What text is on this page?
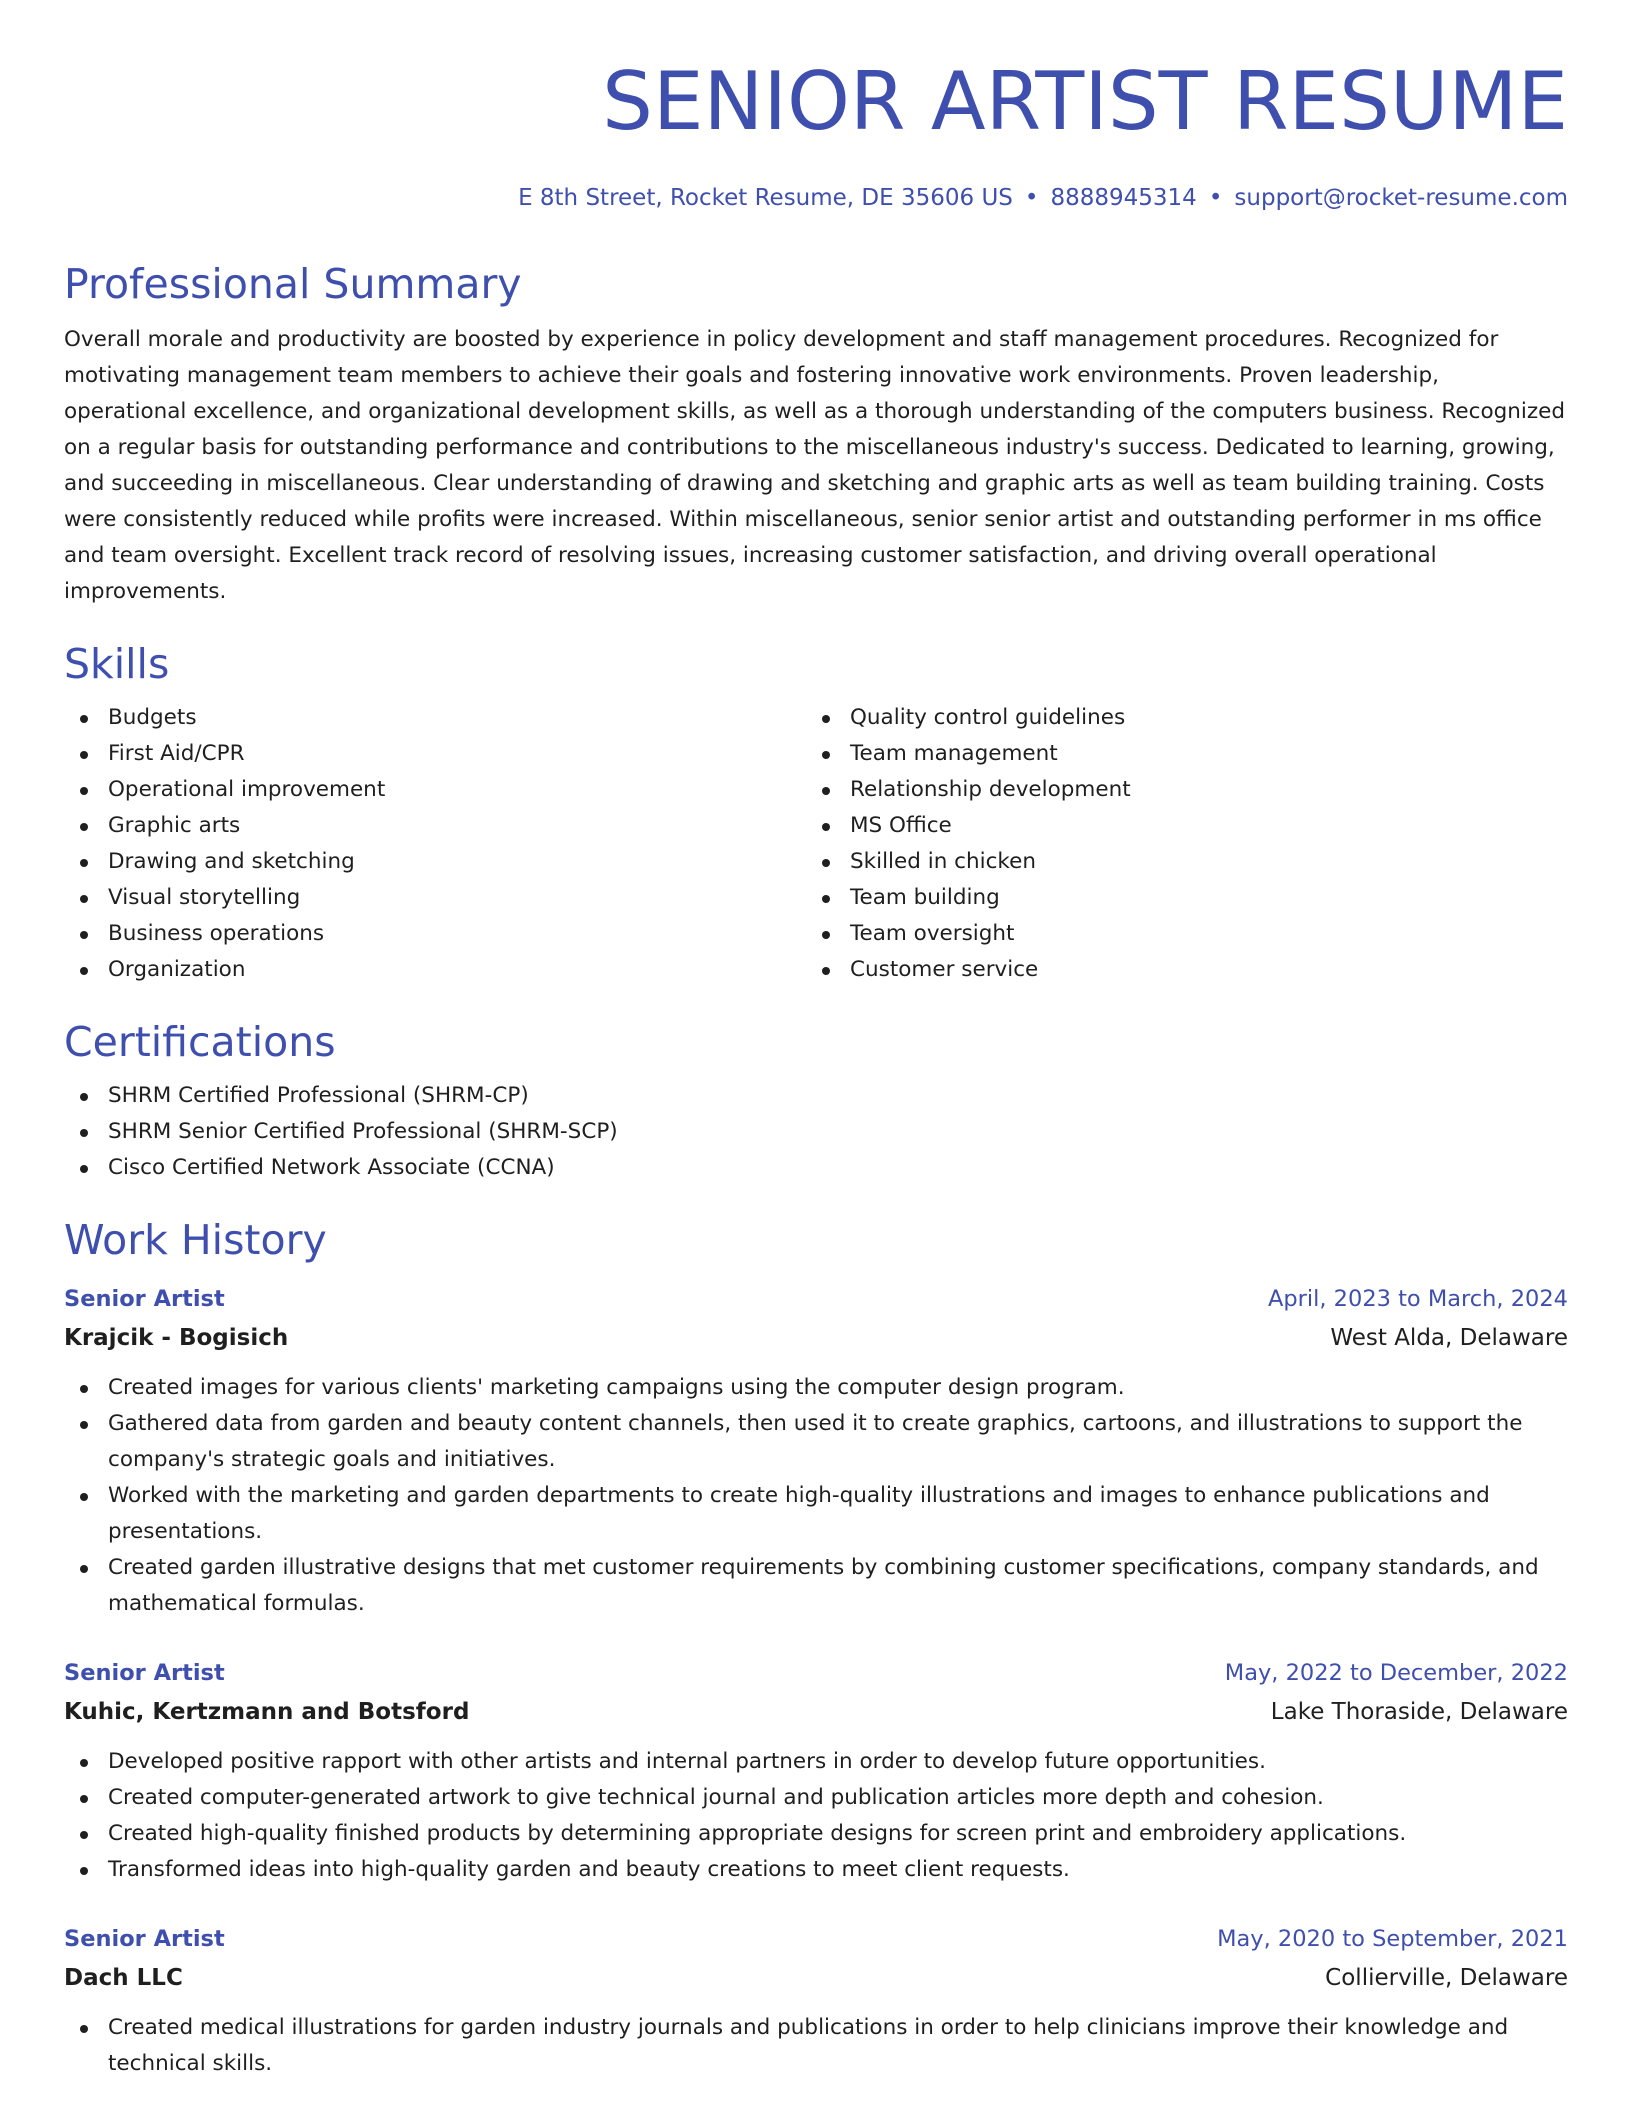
SENIOR ARTIST RESUME
E 8th Street, Rocket Resume, DE 35606 US • 8888945314 • support@rocket-resume.com
Professional Summary

Overall morale and productivity are boosted by experience in policy development and staff management procedures. Recognized for motivating management team members to achieve their goals and fostering innovative work environments. Proven leadership, operational excellence, and organizational development skills, as well as a thorough understanding of the computers business. Recognized on a regular basis for outstanding performance and contributions to the miscellaneous industry's success. Dedicated to learning, growing, and succeeding in miscellaneous. Clear understanding of drawing and sketching and graphic arts as well as team building training. Costs were consistently reduced while profits were increased. Within miscellaneous, senior senior artist and outstanding performer in ms office and team oversight. Excellent track record of resolving issues, increasing customer satisfaction, and driving overall operational improvements.

Skills
Budgets
First Aid/CPR
Operational improvement
Graphic arts
Drawing and sketching
Visual storytelling
Business operations
Organization
Quality control guidelines
Team management
Relationship development
MS Office
Skilled in chicken
Team building
Team oversight
Customer service
Certifications
SHRM Certified Professional (SHRM-CP)
SHRM Senior Certified Professional (SHRM-SCP)
Cisco Certified Network Associate (CCNA)
Work History
Senior Artist	April, 2023 to March, 2024
Krajcik - Bogisich	West Alda, Delaware
Created images for various clients' marketing campaigns using the computer design program.
Gathered data from garden and beauty content channels, then used it to create graphics, cartoons, and illustrations to support the company's strategic goals and initiatives.
Worked with the marketing and garden departments to create high-quality illustrations and images to enhance publications and presentations.
Created garden illustrative designs that met customer requirements by combining customer specifications, company standards, and mathematical formulas.
Senior Artist	May, 2022 to December, 2022
Kuhic, Kertzmann and Botsford	Lake Thoraside, Delaware
Developed positive rapport with other artists and internal partners in order to develop future opportunities.
Created computer-generated artwork to give technical journal and publication articles more depth and cohesion.
Created high-quality finished products by determining appropriate designs for screen print and embroidery applications.
Transformed ideas into high-quality garden and beauty creations to meet client requests.
Senior Artist	May, 2020 to September, 2021
Dach LLC	Collierville, Delaware
Created medical illustrations for garden industry journals and publications in order to help clinicians improve their knowledge and technical skills.
